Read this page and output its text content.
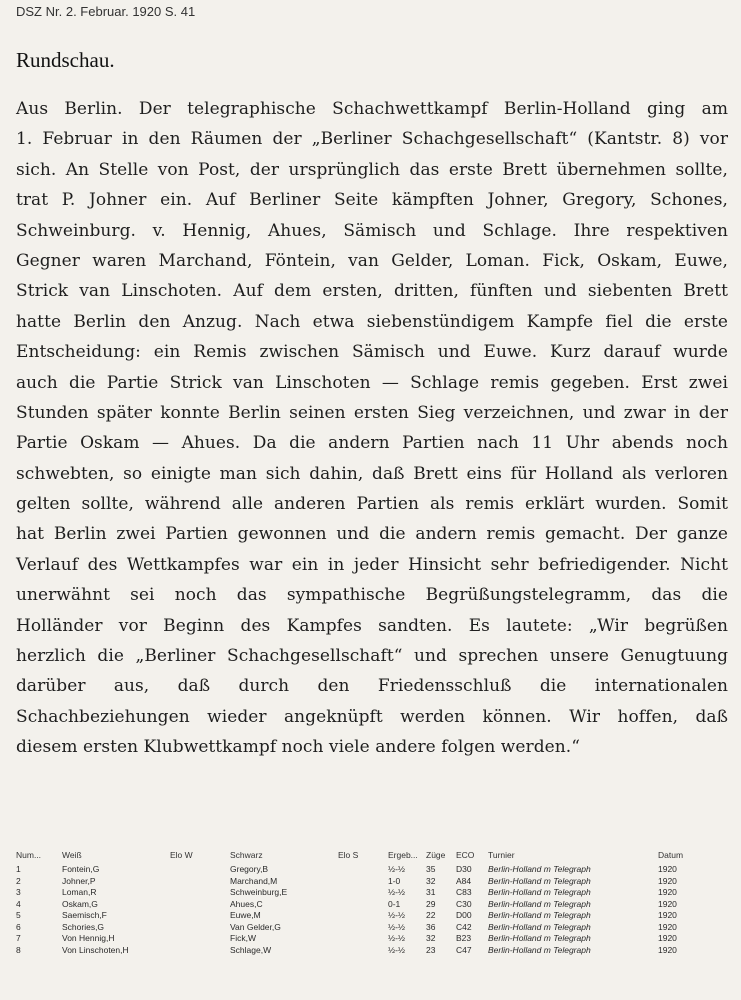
DSZ Nr. 2. Februar. 1920 S. 41
Rundschau.
Aus Berlin. Der telegraphische Schachwettkampf Berlin-Holland ging am
1. Februar in den Räumen der „Berliner Schachgesellschaft“ (Kantstr. 8) vor
sich. An Stelle von Post, der ursprünglich das erste Brett übernehmen sollte,
trat P. Johner ein. Auf Berliner Seite kämpften Johner, Gregory, Schones,
Schweinburg. v. Hennig, Ahues, Sämisch und Schlage. Ihre respektiven
Gegner waren Marchand, Föntein, van Gelder, Loman. Fick, Oskam, Euwe,
Strick van Linschoten. Auf dem ersten, dritten, fünften und siebenten Brett
hatte Berlin den Anzug. Nach etwa siebenstündigem Kampfe fiel die erste
Entscheidung: ein Remis zwischen Sämisch und Euwe. Kurz darauf wurde
auch die Partie Strick van Linschoten — Schlage remis gegeben. Erst zwei
Stunden später konnte Berlin seinen ersten Sieg verzeichnen, und zwar in der
Partie Oskam — Ahues. Da die andern Partien nach 11 Uhr abends noch
schwebten, so einigte man sich dahin, daß Brett eins für Holland als verloren
gelten sollte, während alle anderen Partien als remis erklärt wurden. Somit
hat Berlin zwei Partien gewonnen und die andern remis gemacht. Der ganze
Verlauf des Wettkampfes war ein in jeder Hinsicht sehr befriedigender. Nicht
unerwähnt sei noch das sympathische Begrüßungstelegramm, das die
Holländer vor Beginn des Kampfes sandten. Es lautete: „Wir begrüßen
herzlich die „Berliner Schachgesellschaft“ und sprechen unsere Genugtuung
darüber aus, daß durch den Friedensschluß die internationalen
Schachbeziehungen wieder angeknüpft werden können. Wir hoffen, daß
diesem ersten Klubwettkampf noch viele andere folgen werden.“
Num...	Weiß	Elo W	Schwarz	Elo S	Ergeb...	Züge	ECO	Turnier	Datum
1	Fontein,G		Gregory,B		½-½	35	D30	Berlin-Holland m Telegraph	1920
2	Johner,P		Marchand,M		1-0	32	A84	Berlin-Holland m Telegraph	1920
3	Loman,R		Schweinburg,E		½-½	31	C83	Berlin-Holland m Telegraph	1920
4	Oskam,G		Ahues,C		0-1	29	C30	Berlin-Holland m Telegraph	1920
5	Saemisch,F		Euwe,M		½-½	22	D00	Berlin-Holland m Telegraph	1920
6	Schories,G		Van Gelder,G		½-½	36	C42	Berlin-Holland m Telegraph	1920
7	Von Hennig,H		Fick,W		½-½	32	B23	Berlin-Holland m Telegraph	1920
8	Von Linschoten,H		Schlage,W		½-½	23	C47	Berlin-Holland m Telegraph	1920
